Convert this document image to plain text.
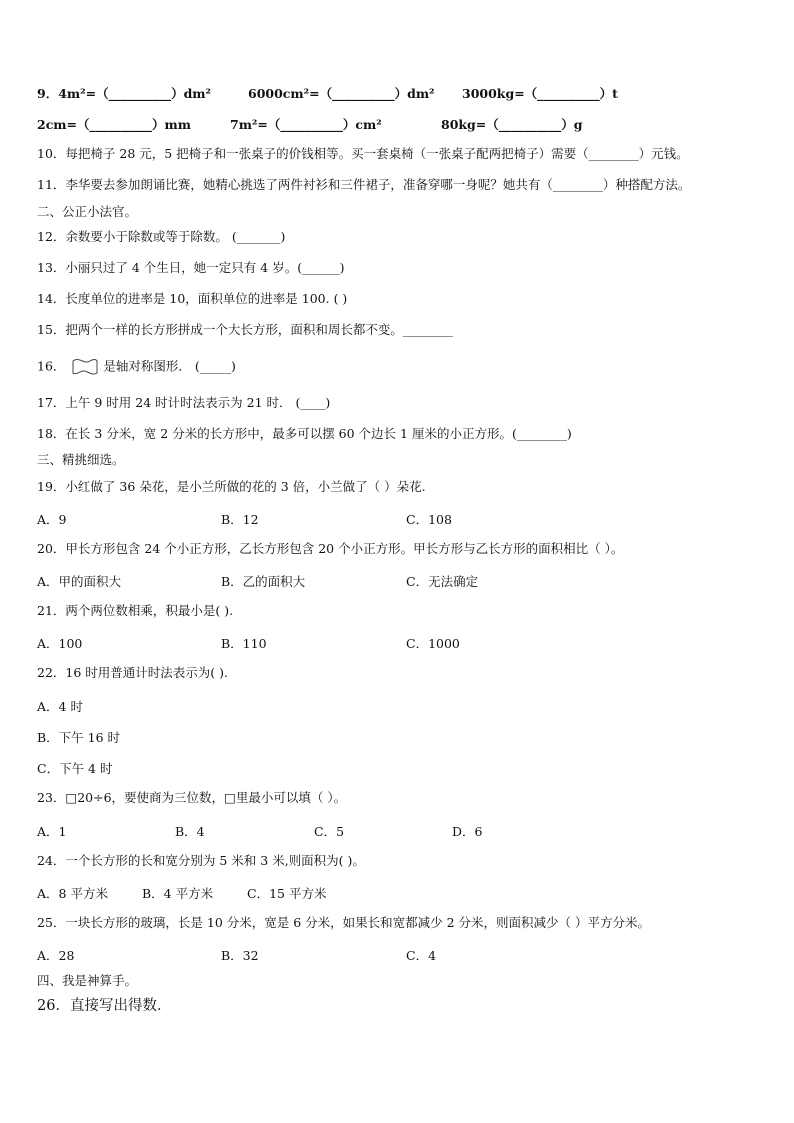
9．4m²=（__________）dm²	6000cm²=（__________）dm² 3000kg=（__________）t
2cm=（__________）mm	7m²=（__________）cm²	80kg=（__________）g
10．每把椅子 28 元，5 把椅子和一张桌子的价钱相等。买一套桌椅（一张桌子配两把椅子）需要（________）元钱。
11．李华要去参加朗诵比赛，她精心挑选了两件衬衫和三件裙子，准备穿哪一身呢？她共有（________）种搭配方法。
二、公正小法官。
12．余数要小于除数或等于除数。 (_______)
13．小丽只过了 4 个生日，她一定只有 4 岁。(______)
14．长度单位的进率是 10，面积单位的进率是 100. ( )
15．把两个一样的长方形拼成一个大长方形，面积和周长都不变。________
16．	是轴对称图形． (_____)
17．上午 9 时用 24 时计时法表示为 21 时． (____)
18．在长 3 分米，宽 2 分米的长方形中，最多可以摆 60 个边长 1 厘米的小正方形。(________)
三、精挑细选。
19．小红做了 36 朵花，是小兰所做的花的 3 倍，小兰做了（ ）朵花.
A．9	B．12	C．108
20．甲长方形包含 24 个小正方形，乙长方形包含 20 个小正方形。甲长方形与乙长方形的面积相比（ ）。
A．甲的面积大	B．乙的面积大	C．无法确定
21．两个两位数相乘，积最小是( ).
A．100	B．110	C．1000
22．16 时用普通计时法表示为( ).
A．4 时
B．下午 16 时
C．下午 4 时
23．□20÷6，要使商为三位数，□里最小可以填（ ）。
A．1	B．4	C．5	D．6
24．一个长方形的长和宽分别为 5 米和 3 米,则面积为( )。
A．8 平方米	B．4 平方米	C．15 平方米
25．一块长方形的玻璃，长是 10 分米，宽是 6 分米，如果长和宽都减少 2 分米，则面积减少（ ）平方分米。
A．28	B．32	C．4
四、我是神算手。
26．直接写出得数．
